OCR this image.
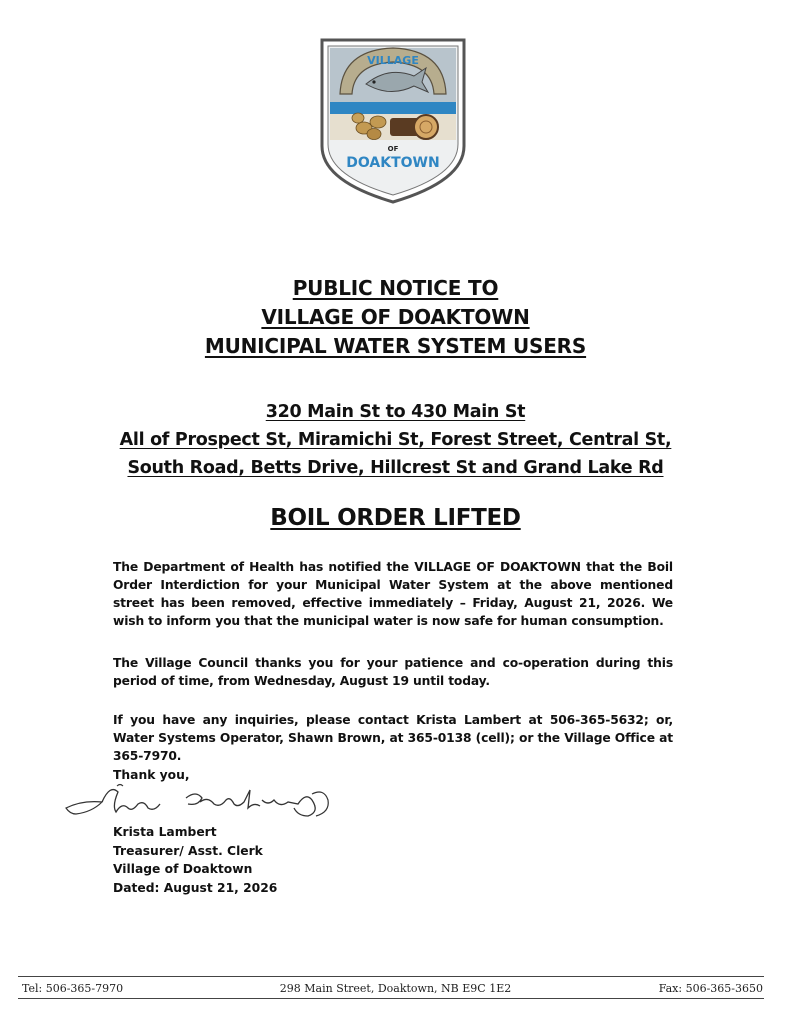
VILLAGE
OF
DOAKTOWN
PUBLIC NOTICE TO
VILLAGE OF DOAKTOWN
MUNICIPAL WATER SYSTEM USERS
320 Main St to 430 Main St
All of Prospect St, Miramichi St, Forest Street, Central St,
South Road, Betts Drive, Hillcrest St and Grand Lake Rd
BOIL ORDER LIFTED

The Department of Health has notified the VILLAGE OF DOAKTOWN that the Boil Order Interdiction for your Municipal Water System at the above mentioned street has been removed, effective immediately – Friday, August 21, 2026. We wish to inform you that the municipal water is now safe for human consumption.

The Village Council thanks you for your patience and co-operation during this period of time, from Wednesday, August 19 until today.

If you have any inquiries, please contact Krista Lambert at 506-365-5632; or, Water Systems Operator, Shawn Brown, at 365-0138 (cell); or the Village Office at 365-7970.

Thank you,
Krista Lambert
Treasurer/ Asst. Clerk
Village of Doaktown
Dated: August 21, 2026
Tel: 506-365-7970	298 Main Street, Doaktown, NB E9C 1E2	Fax: 506-365-3650
